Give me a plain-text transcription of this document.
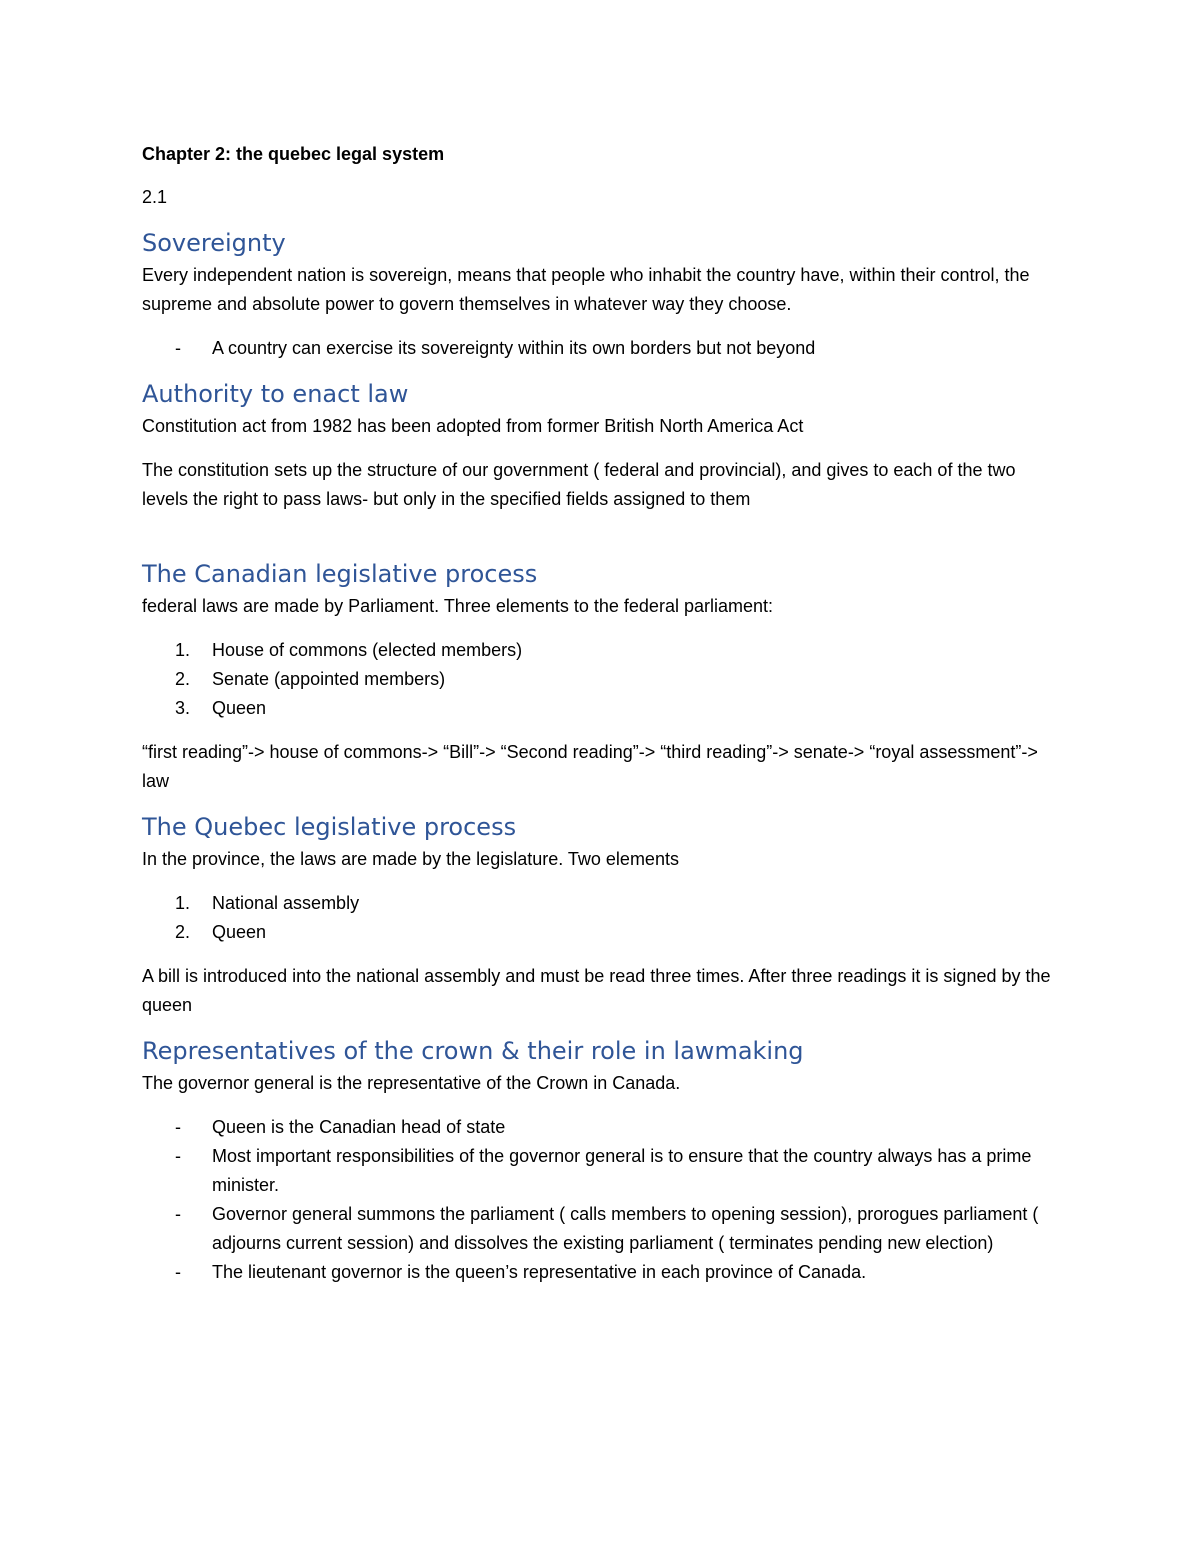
Chapter 2: the quebec legal system

2.1

Sovereignty

Every independent nation is sovereign, means that people who inhabit the country have, within their control, the supreme and absolute power to govern themselves in whatever way they choose.

- A country can exercise its sovereignty within its own borders but not beyond
Authority to enact law

Constitution act from 1982 has been adopted from former British North America Act

The constitution sets up the structure of our government ( federal and provincial), and gives to each of the two levels the right to pass laws- but only in the specified fields assigned to them

The Canadian legislative process

federal laws are made by Parliament. Three elements to the federal parliament:

1. House of commons (elected members)
2. Senate (appointed members)
3. Queen

“first reading”-> house of commons-> “Bill”-> “Second reading”-> “third reading”-> senate-> “royal assessment”-> law

The Quebec legislative process

In the province, the laws are made by the legislature. Two elements

1. National assembly
2. Queen

A bill is introduced into the national assembly and must be read three times. After three readings it is signed by the queen

Representatives of the crown & their role in lawmaking

The governor general is the representative of the Crown in Canada.

- Queen is the Canadian head of state
- Most important responsibilities of the governor general is to ensure that the country always has a prime minister.
- Governor general summons the parliament ( calls members to opening session), prorogues parliament ( adjourns current session) and dissolves the existing parliament ( terminates pending new election)
- The lieutenant governor is the queen’s representative in each province of Canada.
